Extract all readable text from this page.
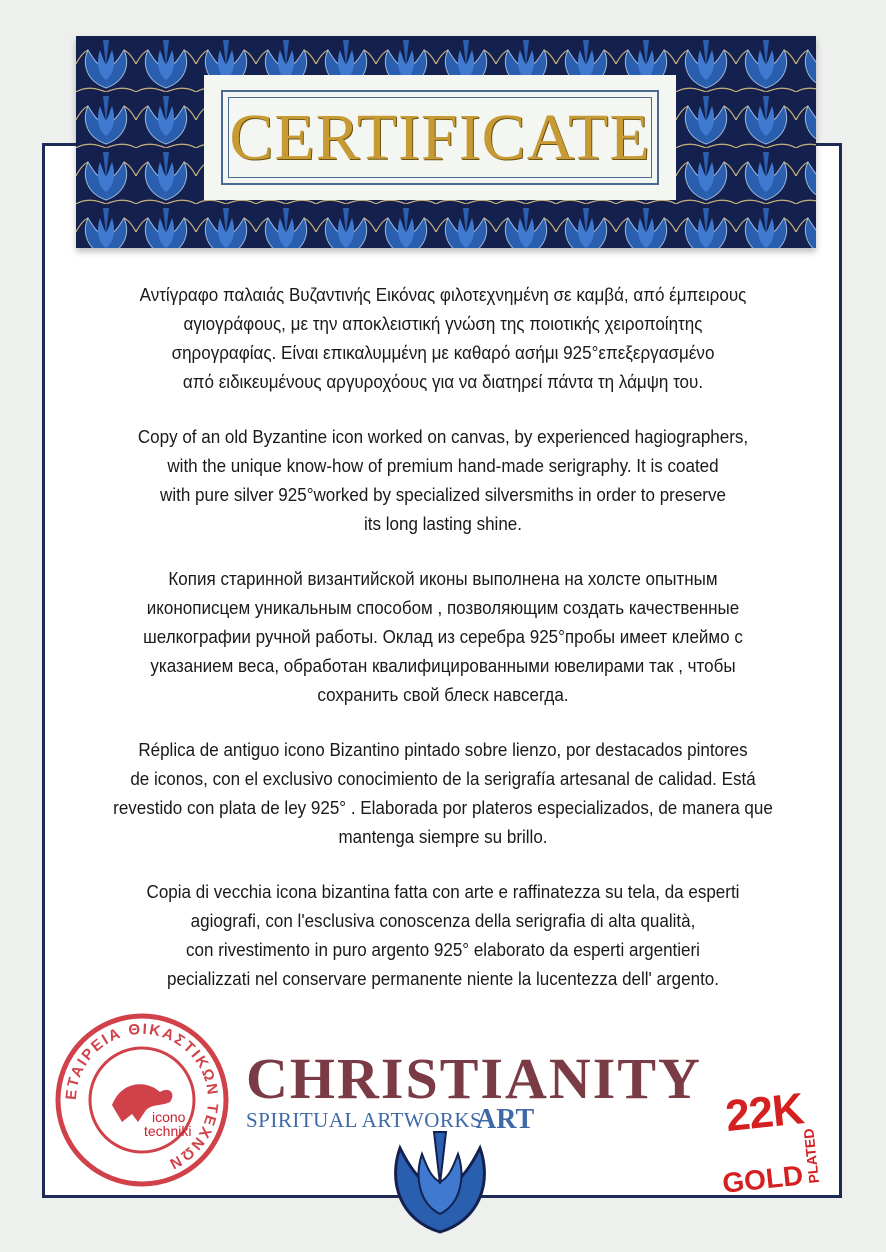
CERTIFICATE
Αντίγραφο παλαιάς Βυζαντινής Εικόνας φιλοτεχνημένη σε καμβά, από έμπειρους
αγιογράφους, με την αποκλειστική γνώση της ποιοτικής χειροποίητης
σηρογραφίας. Είναι επικαλυμμένη με καθαρό ασήμι 925°επεξεργασμένο
από ειδικευμένους αργυροχόους για να διατηρεί πάντα τη λάμψη του.
Copy of an old Byzantine icon worked on canvas, by experienced hagiographers,
with the unique know-how of premium hand-made serigraphy. It is coated
with pure silver 925°worked by specialized silversmiths in order to preserve
its long lasting shine.
Копия старинной византийской иконы выполнена на холсте опытным
иконописцем уникальным способом , позволяющим создать качественные
шелкографии ручной работы. Оклад из серебра 925°пробы имеет клеймо с
указанием веса, обработан квалифицированными ювелирами так , чтобы
сохранить свой блеск навсегда.
Réplica de antiguo icono Bizantino pintado sobre lienzo, por destacados pintores
de iconos, con el exclusivo conocimiento de la serigrafía artesanal de calidad. Está
revestido con plata de ley 925° . Elaborada por plateros especializados, de manera que
mantenga siempre su brillo.
Copia di vecchia icona bizantina fatta con arte e raffinatezza su tela, da esperti
agiografi, con l'esclusiva conoscenza della serigrafia di alta qualità,
con rivestimento in puro argento 925° elaborato da esperti argentieri
pecializzati nel conservare permanente niente la lucentezza dell' argento.
ΕΤΑΙΡΕΙΑ ΘΙΚΑΣΤΙΚΩΝ ΤΕΧΝΩΝ
icono
techniki
CHRISTIANITY
SPIRITUAL ARTWORKS
ART	22K
GOLD PLATED
